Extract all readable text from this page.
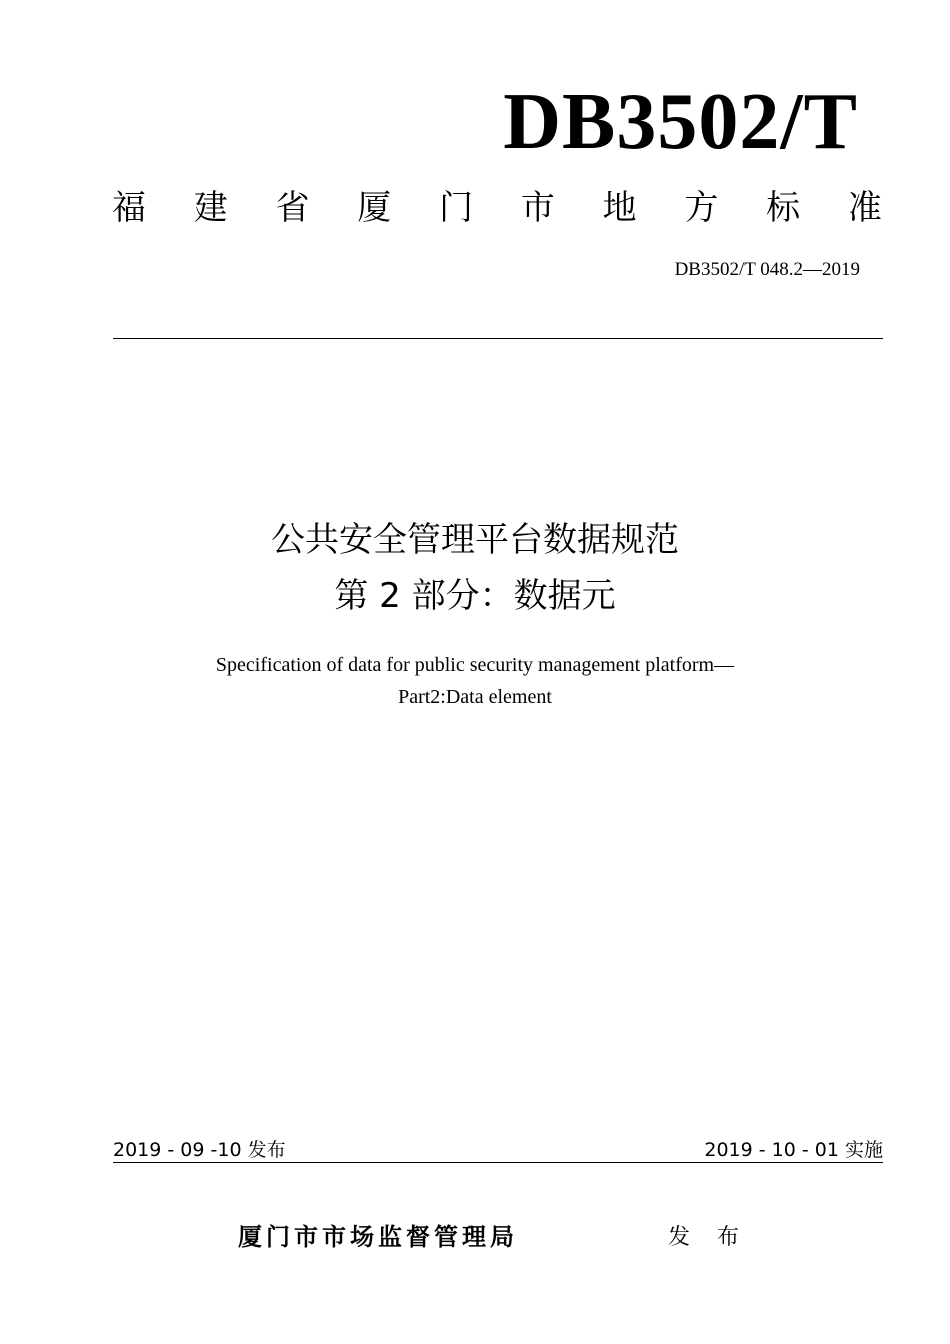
DB3502/T
福 建 省 厦 门 市 地 方 标 准
DB3502/T 048.2—2019
公共安全管理平台数据规范
第 2 部分：数据元
Specification of data for public security management platform—
Part2:Data element
2019 - 09 -10 发布	2019 - 10 - 01 实施
厦门市市场监督管理局	发 布
